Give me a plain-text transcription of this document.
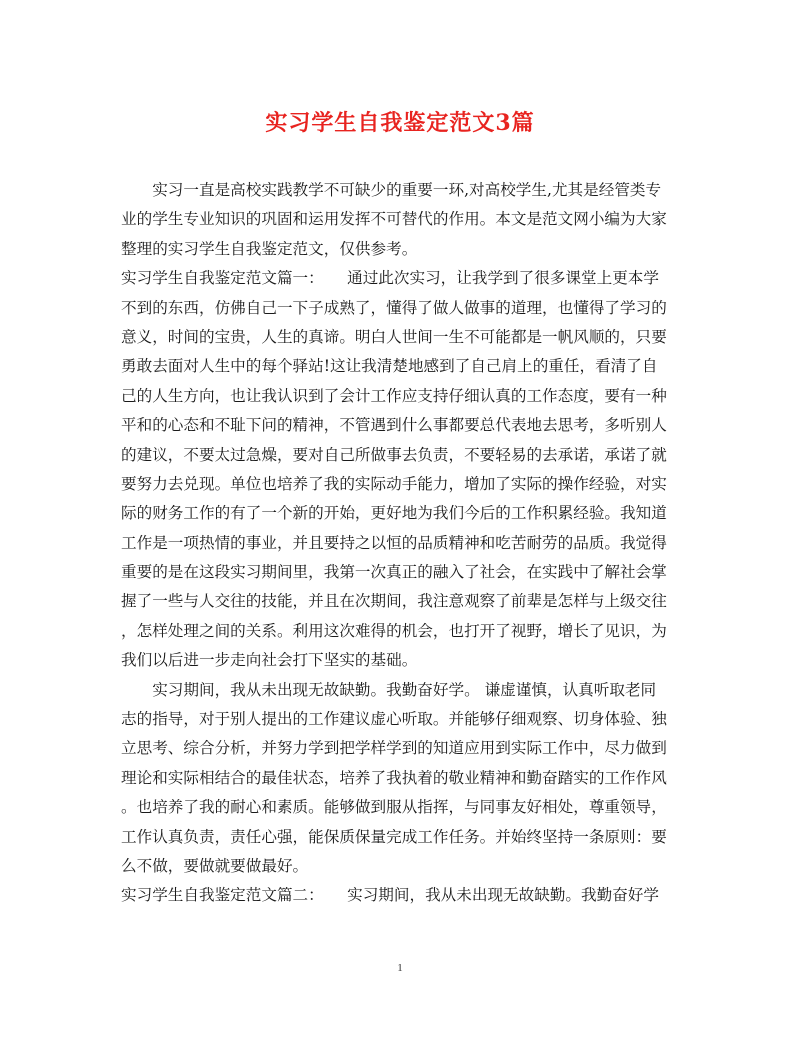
实习学生自我鉴定范文3篇
　　实习一直是高校实践教学不可缺少的重要一环,对高校学生,尤其是经管类专
业的学生专业知识的巩固和运用发挥不可替代的作用。本文是范文网小编为大家
整理的实习学生自我鉴定范文，仅供参考。
实习学生自我鉴定范文篇一：　　通过此次实习，让我学到了很多课堂上更本学
不到的东西，仿佛自己一下子成熟了，懂得了做人做事的道理，也懂得了学习的
意义，时间的宝贵，人生的真谛。明白人世间一生不可能都是一帆风顺的，只要
勇敢去面对人生中的每个驿站!这让我清楚地感到了自己肩上的重任，看清了自
己的人生方向，也让我认识到了会计工作应支持仔细认真的工作态度，要有一种
平和的心态和不耻下问的精神，不管遇到什么事都要总代表地去思考，多听别人
的建议，不要太过急燥，要对自己所做事去负责，不要轻易的去承诺，承诺了就
要努力去兑现。单位也培养了我的实际动手能力，增加了实际的操作经验，对实
际的财务工作的有了一个新的开始，更好地为我们今后的工作积累经验。我知道
工作是一项热情的事业，并且要持之以恒的品质精神和吃苦耐劳的品质。我觉得
重要的是在这段实习期间里，我第一次真正的融入了社会，在实践中了解社会掌
握了一些与人交往的技能，并且在次期间，我注意观察了前辈是怎样与上级交往
，怎样处理之间的关系。利用这次难得的机会，也打开了视野，增长了见识，为
我们以后进一步走向社会打下坚实的基础。
　　实习期间，我从未出现无故缺勤。我勤奋好学。 谦虚谨慎，认真听取老同
志的指导，对于别人提出的工作建议虚心听取。并能够仔细观察、切身体验、独
立思考、综合分析，并努力学到把学样学到的知道应用到实际工作中，尽力做到
理论和实际相结合的最佳状态，培养了我执着的敬业精神和勤奋踏实的工作作风
。也培养了我的耐心和素质。能够做到服从指挥，与同事友好相处，尊重领导，
工作认真负责，责任心强，能保质保量完成工作任务。并始终坚持一条原则：要
么不做，要做就要做最好。
实习学生自我鉴定范文篇二：　　实习期间，我从未出现无故缺勤。我勤奋好学
1
